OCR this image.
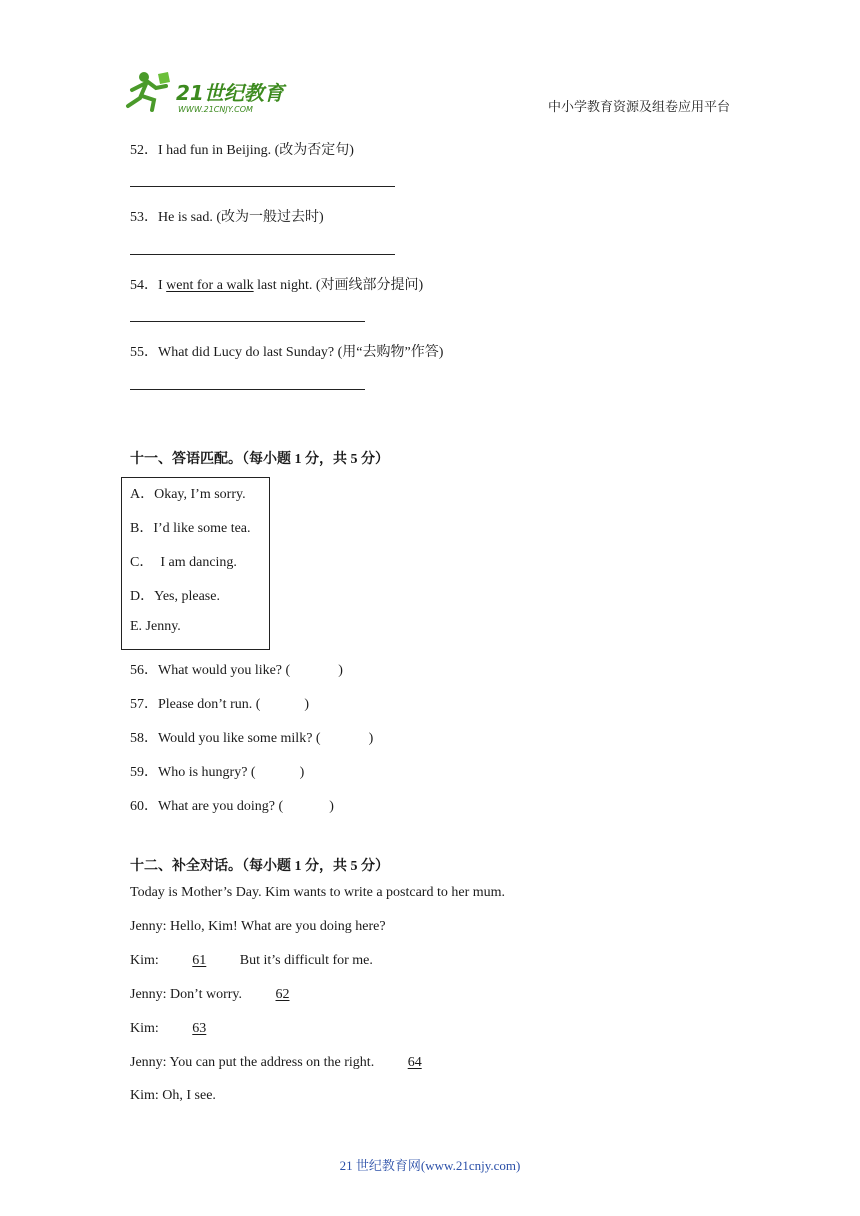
21世纪教育
WWW.21CNJY.COM	中小学教育资源及组卷应用平台
52．I had fun in Beijing. (改为否定句)
53．He is sad. (改为一般过去时)
54．I went for a walk last night. (对画线部分提问)
55．What did Lucy do last Sunday? (用“去购物”作答)
十一、答语匹配。（每小题 1 分，共 5 分）
A．Okay, I’m sorry.
B．I’d like some tea.
C．  I am dancing.
D．Yes, please.
E. Jenny.
56．What would you like? (	)
57．Please don’t run. (	)
58．Would you like some milk? (	)
59．Who is hungry? (	)
60．What are you doing? (	)
十二、补全对话。（每小题 1 分，共 5 分）
Today is Mother’s Day. Kim wants to write a postcard to her mum.
Jenny: Hello, Kim! What are you doing here?
Kim: 61 But it’s difficult for me.
Jenny: Don’t worry. 62
Kim: 63
Jenny: You can put the address on the right. 64
Kim: Oh, I see.
21 世纪教育网(www.21cnjy.com)
